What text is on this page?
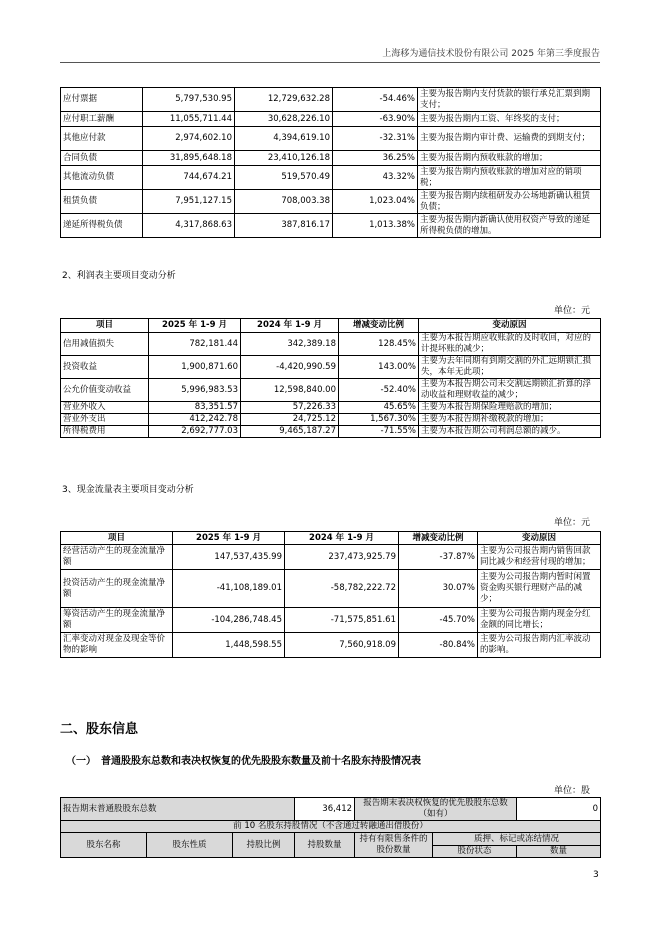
上海移为通信技术股份有限公司 2025 年第三季度报告
应付票据	5,797,530.95	12,729,632.28	-54.46%	主要为报告期内支付货款的银行承兑汇票到期支付；
应付职工薪酬	11,055,711.44	30,628,226.10	-63.90%	主要为报告期内工资、年终奖的支付；
其他应付款	2,974,602.10	4,394,619.10	-32.31%	主要为报告期内审计费、运输费的到期支付；
合同负债	31,895,648.18	23,410,126.18	36.25%	主要为报告期内预收账款的增加；
其他流动负债	744,674.21	519,570.49	43.32%	主要为报告期内预收账款的增加对应的销项税；
租赁负债	7,951,127.15	708,003.38	1,023.04%	主要为报告期内续租研发办公场地新确认租赁负债；
递延所得税负债	4,317,868.63	387,816.17	1,013.38%	主要为报告期内新确认使用权资产导致的递延所得税负债的增加。
2、利润表主要项目变动分析
单位：元
项目	2025 年 1-9 月	2024 年 1-9 月	增减变动比例	变动原因
信用减值损失	782,181.44	342,389.18	128.45%	主要为本报告期应收账款的及时收回，对应的计提坏账的减少；
投资收益	1,900,871.60	-4,420,990.59	143.00%	主要为去年同期有到期交割的外汇远期锁汇损失，本年无此项；
公允价值变动收益	5,996,983.53	12,598,840.00	-52.40%	主要为本报告期公司未交割远期锁汇折算的浮动收益和理财收益的减少；
营业外收入	83,351.57	57,226.33	45.65%	主要为本报告期保险理赔款的增加；
营业外支出	412,242.78	24,725.12	1,567.30%	主要为本报告期补缴税款的增加；
所得税费用	2,692,777.03	9,465,187.27	-71.55%	主要为本报告期公司利润总额的减少。
3、现金流量表主要项目变动分析
单位：元
项目	2025 年 1-9 月	2024 年 1-9 月	增减变动比例	变动原因
经营活动产生的现金流量净额	147,537,435.99	237,473,925.79	-37.87%	主要为公司报告期内销售回款同比减少和经营付现的增加；
投资活动产生的现金流量净额	-41,108,189.01	-58,782,222.72	30.07%	主要为公司报告期内暂时闲置资金购买银行理财产品的减少；
筹资活动产生的现金流量净额	-104,286,748.45	-71,575,851.61	-45.70%	主要为公司报告期内现金分红金额的同比增长；
汇率变动对现金及现金等价物的影响	1,448,598.55	7,560,918.09	-80.84%	主要为公司报告期内汇率波动的影响。
二、股东信息
（一）　普通股股东总数和表决权恢复的优先股股东数量及前十名股东持股情况表
单位：股
报告期末普通股股东总数			36,412	报告期末表决权恢复的优先股股东总数（如有）		0
前 10 名股东持股情况（不含通过转融通出借股份）						
股东名称	股东性质	持股比例	持股数量	持有有限售条件的股份数量	质押、标记或冻结情况	
					股份状态	数量
3
